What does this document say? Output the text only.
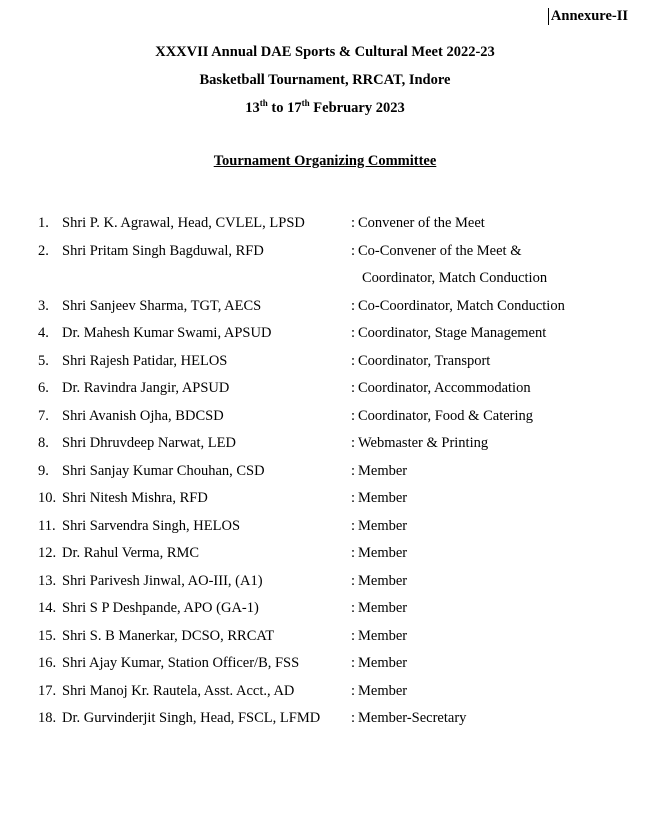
Annexure-II
XXXVII Annual DAE Sports & Cultural Meet 2022-23
Basketball Tournament, RRCAT, Indore
13th to 17th February 2023
Tournament Organizing Committee
1. Shri P. K. Agrawal, Head, CVLEL, LPSD	: Convener of the Meet
2. Shri Pritam Singh Bagduwal, RFD	: Co-Convener of the Meet &
Coordinator, Match Conduction
3. Shri Sanjeev Sharma, TGT, AECS	: Co-Coordinator, Match Conduction
4. Dr. Mahesh Kumar Swami, APSUD	: Coordinator, Stage Management
5. Shri Rajesh Patidar, HELOS	: Coordinator, Transport
6. Dr. Ravindra Jangir, APSUD	: Coordinator, Accommodation
7. Shri Avanish Ojha, BDCSD	: Coordinator, Food & Catering
8. Shri Dhruvdeep Narwat, LED	: Webmaster & Printing
9. Shri Sanjay Kumar Chouhan, CSD	: Member
10. Shri Nitesh Mishra, RFD	: Member
11. Shri Sarvendra Singh, HELOS	: Member
12. Dr. Rahul Verma, RMC	: Member
13. Shri Parivesh Jinwal, AO-III, (A1)	: Member
14. Shri S P Deshpande, APO (GA-1)	: Member
15. Shri S. B Manerkar, DCSO, RRCAT	: Member
16. Shri Ajay Kumar, Station Officer/B, FSS	: Member
17. Shri Manoj Kr. Rautela, Asst. Acct., AD	: Member
18. Dr. Gurvinderjit Singh, Head, FSCL, LFMD : Member-Secretary
